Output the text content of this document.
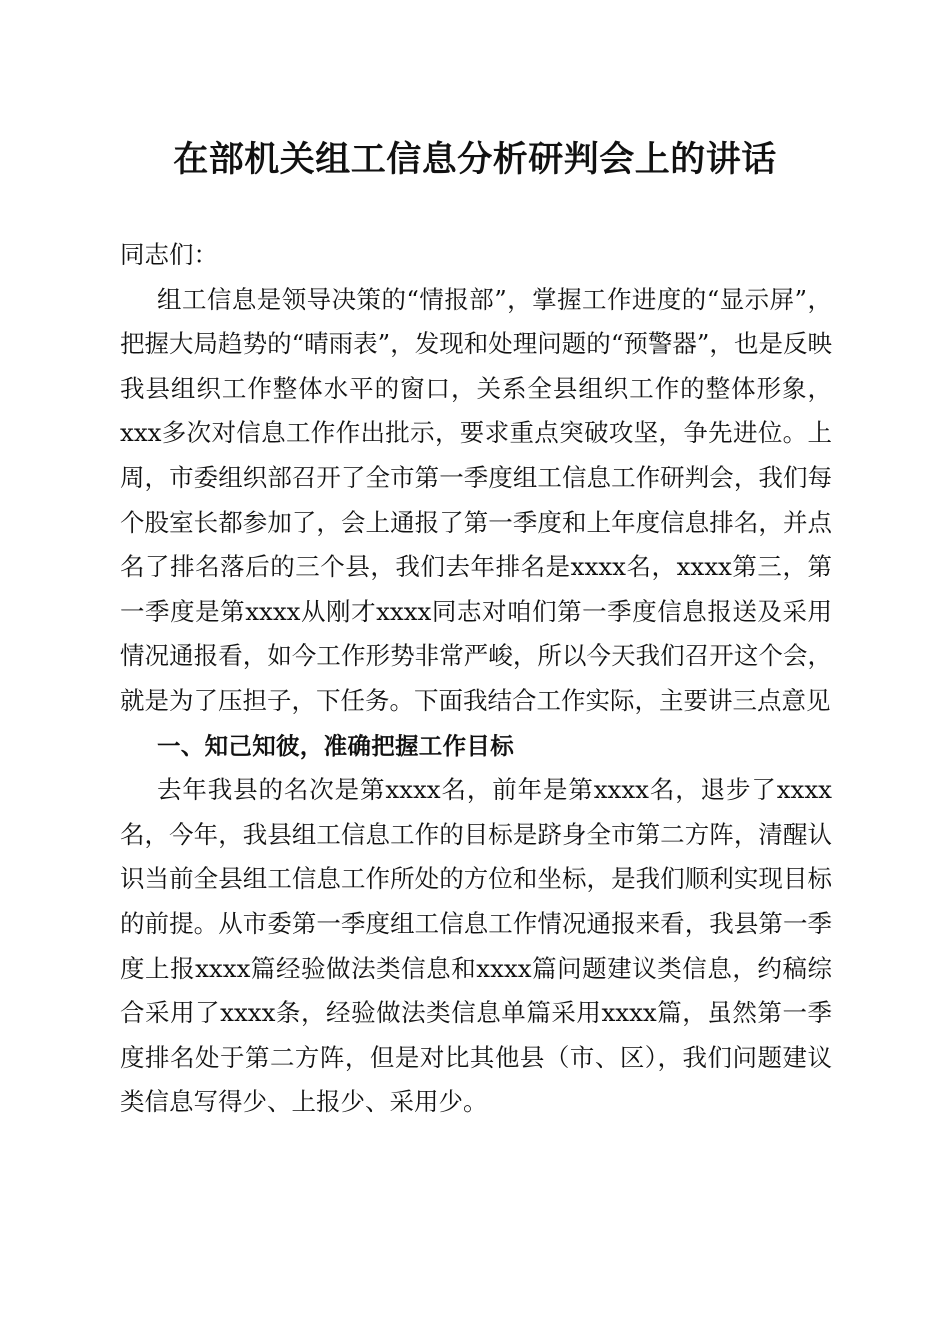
在部机关组工信息分析研判会上的讲话

同志们：

组工信息是领导决策的“情报部”，掌握工作进度的“显示屏”，把握大局趋势的“晴雨表”，发现和处理问题的“预警器”，也是反映我县组织工作整体水平的窗口，关系全县组织工作的整体形象，xxx多次对信息工作作出批示，要求重点突破攻坚，争先进位。上周，市委组织部召开了全市第一季度组工信息工作研判会，我们每个股室长都参加了，会上通报了第一季度和上年度信息排名，并点名了排名落后的三个县，我们去年排名是xxxx名，xxxx第三，第一季度是第xxxx从刚才xxxx同志对咱们第一季度信息报送及采用情况通报看，如今工作形势非常严峻，所以今天我们召开这个会，就是为了压担子，下任务。下面我结合工作实际，主要讲三点意见

一、知己知彼，准确把握工作目标

去年我县的名次是第xxxx名，前年是第xxxx名，退步了xxxx名，今年，我县组工信息工作的目标是跻身全市第二方阵，清醒认识当前全县组工信息工作所处的方位和坐标，是我们顺利实现目标的前提。从市委第一季度组工信息工作情况通报来看，我县第一季度上报xxxx篇经验做法类信息和xxxx篇问题建议类信息，约稿综合采用了xxxx条，经验做法类信息单篇采用xxxx篇，虽然第一季度排名处于第二方阵，但是对比其他县（市、区），我们问题建议类信息写得少、上报少、采用少。
